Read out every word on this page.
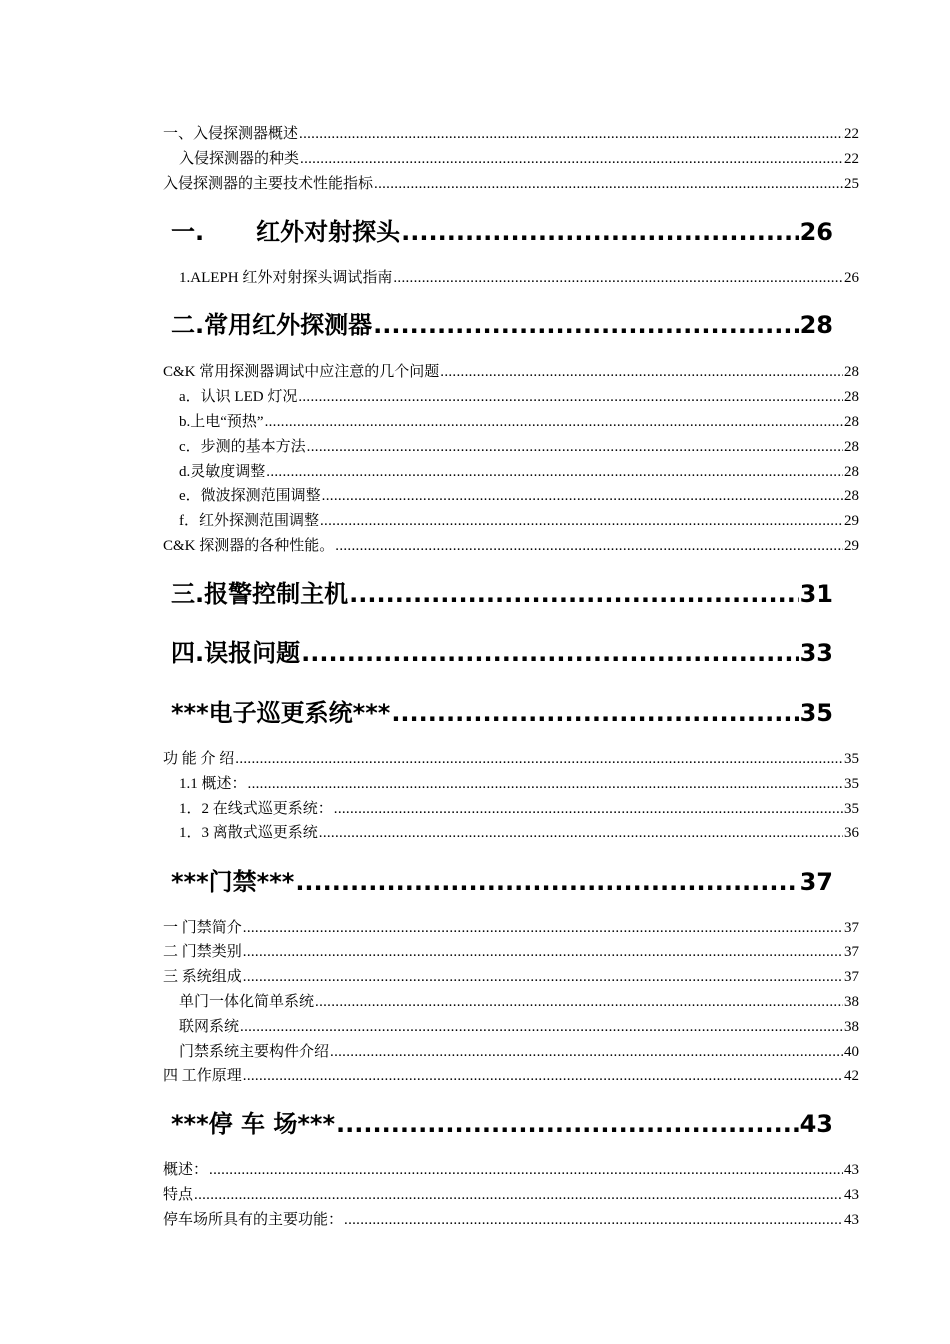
一、入侵探测器概述 .....	22
入侵探测器的种类 .....	22
入侵探测器的主要技术性能指标 .....	25
一. 红外对射探头 .....	26
1.ALEPH 红外对射探头调试指南 .....	26
二.常用红外探测器 .....	28
C&K 常用探测器调试中应注意的几个问题 .....	28
a．认识 LED 灯况 .....	28
b.上电“预热” .....	28
c．步测的基本方法 .....	28
d.灵敏度调整 .....	28
e．微波探测范围调整 .....	28
f．红外探测范围调整 .....	29
C&K 探测器的各种性能。 .....	29
三.报警控制主机 .....	31
四.误报问题 .....	33
***电子巡更系统*** .....	35
功 能 介 绍 .....	35
1.1 概述： .....	35
1．2 在线式巡更系统： .....	35
1．3 离散式巡更系统 .....	36
***门禁*** .....	37
一 门禁简介 .....	37
二 门禁类别 .....	37
三 系统组成 .....	37
单门一体化简单系统 .....	38
联网系统 .....	38
门禁系统主要构件介绍 .....	40
四 工作原理 .....	42
***停 车 场*** .....	43
概述： .....	43
特点 .....	43
停车场所具有的主要功能： .....	43
